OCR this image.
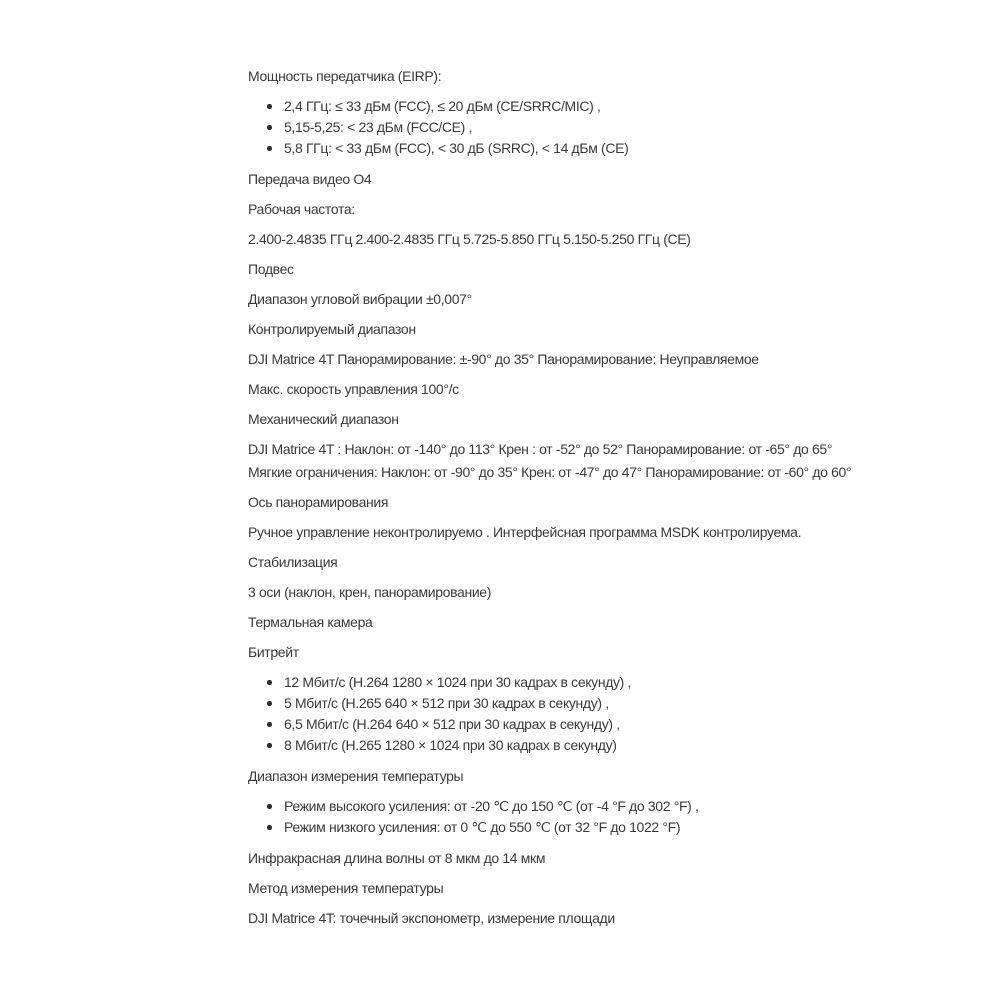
Мощность передатчика (EIRP):

2,4 ГГц: ≤ 33 дБм (FCC), ≤ 20 дБм (CE/SRRC/MIC) ,
5,15-5,25: < 23 дБм (FCC/CE) ,
5,8 ГГц: < 33 дБм (FCC), < 30 дБ (SRRC), < 14 дБм (CE)

Передача видео O4

Рабочая частота:

2.400-2.4835 ГГц 2.400-2.4835 ГГц 5.725-5.850 ГГц 5.150-5.250 ГГц (CE)

Подвес

Диапазон угловой вибрации ±0,007°

Контролируемый диапазон

DJI Matrice 4T Панорамирование: ±-90° до 35° Панорамирование: Неуправляемое

Макс. скорость управления 100°/с

Механический диапазон

DJI Matrice 4T : Наклон: от -140° до 113° Крен : от -52° до 52° Панорамирование: от -65° до 65°

Мягкие ограничения: Наклон: от -90° до 35° Крен: от -47° до 47° Панорамирование: от -60° до 60°

Ось панорамирования

Ручное управление неконтролируемо . Интерфейсная программа MSDK контролируема.

Стабилизация

3 оси (наклон, крен, панорамирование)

Термальная камера

Битрейт

12 Мбит/с (H.264 1280 × 1024 при 30 кадрах в секунду) ,
5 Мбит/с (H.265 640 × 512 при 30 кадрах в секунду) ,
6,5 Мбит/с (H.264 640 × 512 при 30 кадрах в секунду) ,
8 Мбит/с (H.265 1280 × 1024 при 30 кадрах в секунду)

Диапазон измерения температуры

Режим высокого усиления: от -20 ℃ до 150 ℃ (от -4 °F до 302 °F) ,
Режим низкого усиления: от 0 ℃ до 550 ℃ (от 32 °F до 1022 °F)

Инфракрасная длина волны от 8 мкм до 14 мкм

Метод измерения температуры

DJI Matrice 4T: точечный экспонометр, измерение площади
